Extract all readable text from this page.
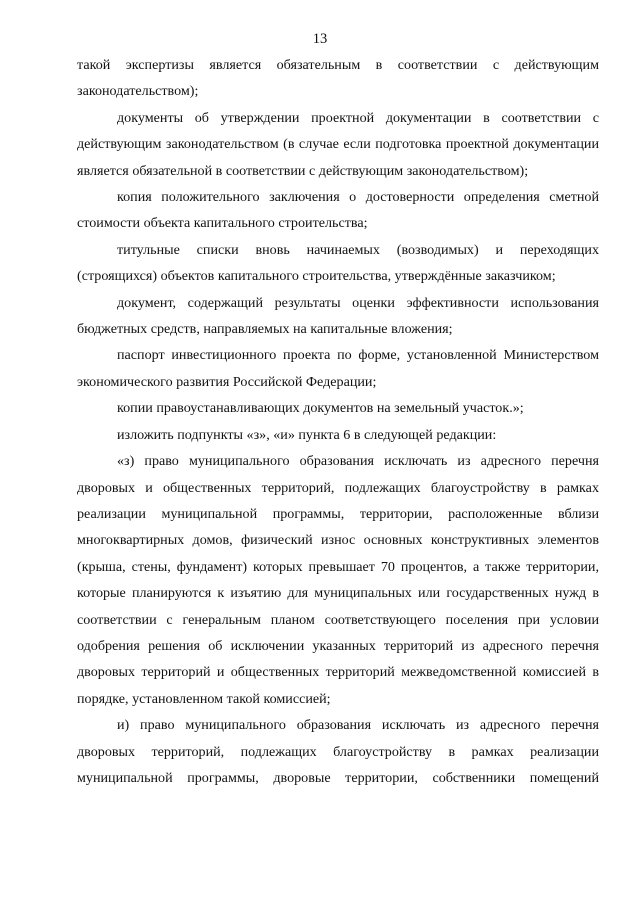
13

такой экспертизы является обязательным в соответствии с действующим законодательством);

документы об утверждении проектной документации в соответствии с действующим законодательством (в случае если подготовка проектной документации является обязательной в соответствии с действующим законодательством);

копия положительного заключения о достоверности определения сметной стоимости объекта капитального строительства;

титульные списки вновь начинаемых (возводимых) и переходящих (строящихся) объектов капитального строительства, утверждённые заказчиком;

документ, содержащий результаты оценки эффективности использования бюджетных средств, направляемых на капитальные вложения;

паспорт инвестиционного проекта по форме, установленной Министерством экономического развития Российской Федерации;

копии правоустанавливающих документов на земельный участок.»;

изложить подпункты «з», «и» пункта 6 в следующей редакции:

«з) право муниципального образования исключать из адресного перечня дворовых и общественных территорий, подлежащих благоустройству в рамках реализации муниципальной программы, территории, расположенные вблизи многоквартирных домов, физический износ основных конструктивных элементов (крыша, стены, фундамент) которых превышает 70 процентов, а также территории, которые планируются к изъятию для муниципальных или государственных нужд в соответствии с генеральным планом соответствующего поселения при условии одобрения решения об исключении указанных территорий из адресного перечня дворовых территорий и общественных территорий межведомственной комиссией в порядке, установленном такой комиссией;

и) право муниципального образования исключать из адресного перечня дворовых территорий, подлежащих благоустройству в рамках реализации муниципальной программы, дворовые территории, собственники помещений
